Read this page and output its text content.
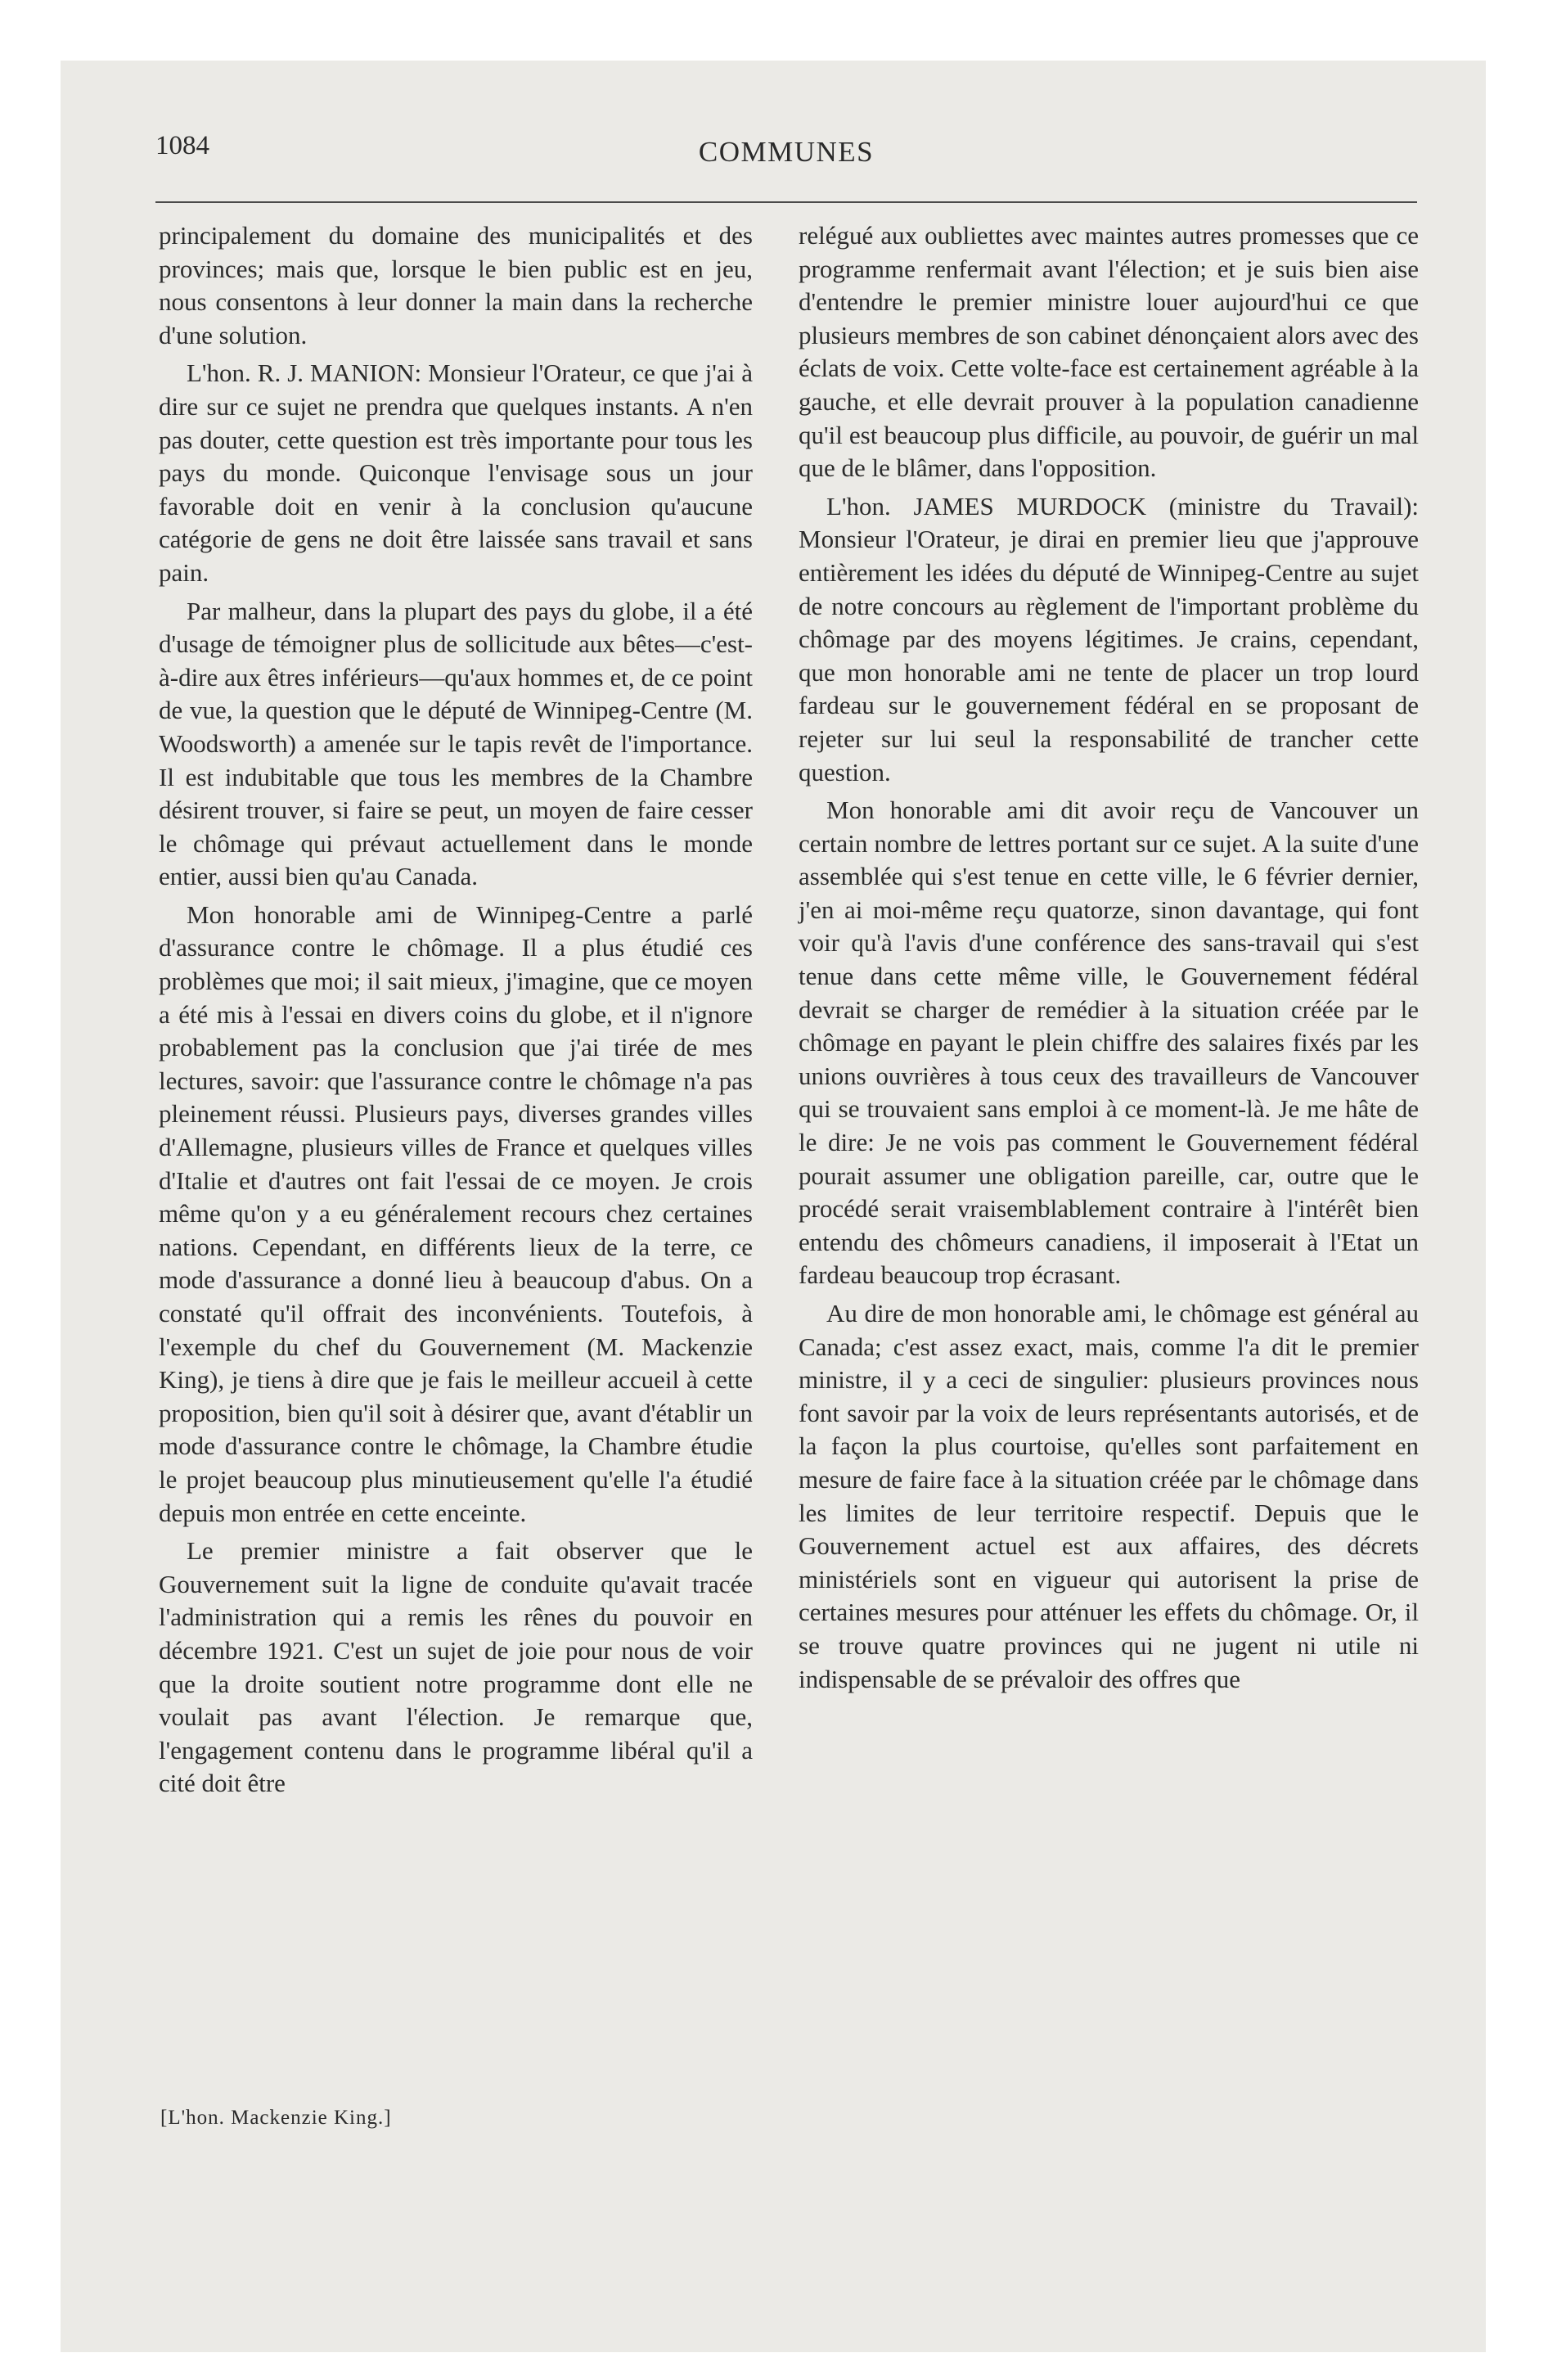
1084	COMMUNES

principalement du domaine des municipalités et des provinces; mais que, lorsque le bien public est en jeu, nous consentons à leur donner la main dans la recherche d'une solution.

L'hon. R. J. MANION: Monsieur l'Orateur, ce que j'ai à dire sur ce sujet ne prendra que quelques instants. A n'en pas douter, cette question est très importante pour tous les pays du monde. Quiconque l'envisage sous un jour favorable doit en venir à la conclusion qu'aucune catégorie de gens ne doit être laissée sans travail et sans pain.

Par malheur, dans la plupart des pays du globe, il a été d'usage de témoigner plus de sollicitude aux bêtes—c'est-à-dire aux êtres inférieurs—qu'aux hommes et, de ce point de vue, la question que le député de Winnipeg-Centre (M. Woodsworth) a amenée sur le tapis revêt de l'importance. Il est indubitable que tous les membres de la Chambre désirent trouver, si faire se peut, un moyen de faire cesser le chômage qui prévaut actuellement dans le monde entier, aussi bien qu'au Canada.

Mon honorable ami de Winnipeg-Centre a parlé d'assurance contre le chômage. Il a plus étudié ces problèmes que moi; il sait mieux, j'imagine, que ce moyen a été mis à l'essai en divers coins du globe, et il n'ignore probablement pas la conclusion que j'ai tirée de mes lectures, savoir: que l'assurance contre le chômage n'a pas pleinement réussi. Plusieurs pays, diverses grandes villes d'Allemagne, plusieurs villes de France et quelques villes d'Italie et d'autres ont fait l'essai de ce moyen. Je crois même qu'on y a eu généralement recours chez certaines nations. Cependant, en différents lieux de la terre, ce mode d'assurance a donné lieu à beaucoup d'abus. On a constaté qu'il offrait des inconvénients. Toutefois, à l'exemple du chef du Gouvernement (M. Mackenzie King), je tiens à dire que je fais le meilleur accueil à cette proposition, bien qu'il soit à désirer que, avant d'établir un mode d'assurance contre le chômage, la Chambre étudie le projet beaucoup plus minutieusement qu'elle l'a étudié depuis mon entrée en cette enceinte.

Le premier ministre a fait observer que le Gouvernement suit la ligne de conduite qu'avait tracée l'administration qui a remis les rênes du pouvoir en décembre 1921. C'est un sujet de joie pour nous de voir que la droite soutient notre programme dont elle ne voulait pas avant l'élection. Je remarque que, l'engagement contenu dans le programme libéral qu'il a cité doit être

relégué aux oubliettes avec maintes autres promesses que ce programme renfermait avant l'élection; et je suis bien aise d'entendre le premier ministre louer aujourd'hui ce que plusieurs membres de son cabinet dénonçaient alors avec des éclats de voix. Cette volte-face est certainement agréable à la gauche, et elle devrait prouver à la population canadienne qu'il est beaucoup plus difficile, au pouvoir, de guérir un mal que de le blâmer, dans l'opposition.

L'hon. JAMES MURDOCK (ministre du Travail): Monsieur l'Orateur, je dirai en premier lieu que j'approuve entièrement les idées du député de Winnipeg-Centre au sujet de notre concours au règlement de l'important problème du chômage par des moyens légitimes. Je crains, cependant, que mon honorable ami ne tente de placer un trop lourd fardeau sur le gouvernement fédéral en se proposant de rejeter sur lui seul la responsabilité de trancher cette question.

Mon honorable ami dit avoir reçu de Vancouver un certain nombre de lettres portant sur ce sujet. A la suite d'une assemblée qui s'est tenue en cette ville, le 6 février dernier, j'en ai moi-même reçu quatorze, sinon davantage, qui font voir qu'à l'avis d'une conférence des sans-travail qui s'est tenue dans cette même ville, le Gouvernement fédéral devrait se charger de remédier à la situation créée par le chômage en payant le plein chiffre des salaires fixés par les unions ouvrières à tous ceux des travailleurs de Vancouver qui se trouvaient sans emploi à ce moment-là. Je me hâte de le dire: Je ne vois pas comment le Gouvernement fédéral pourait assumer une obligation pareille, car, outre que le procédé serait vraisemblablement contraire à l'intérêt bien entendu des chômeurs canadiens, il imposerait à l'Etat un fardeau beaucoup trop écrasant.

Au dire de mon honorable ami, le chômage est général au Canada; c'est assez exact, mais, comme l'a dit le premier ministre, il y a ceci de singulier: plusieurs provinces nous font savoir par la voix de leurs représentants autorisés, et de la façon la plus courtoise, qu'elles sont parfaitement en mesure de faire face à la situation créée par le chômage dans les limites de leur territoire respectif. Depuis que le Gouvernement actuel est aux affaires, des décrets ministériels sont en vigueur qui autorisent la prise de certaines mesures pour atténuer les effets du chômage. Or, il se trouve quatre provinces qui ne jugent ni utile ni indispensable de se prévaloir des offres que

[L'hon. Mackenzie King.]
